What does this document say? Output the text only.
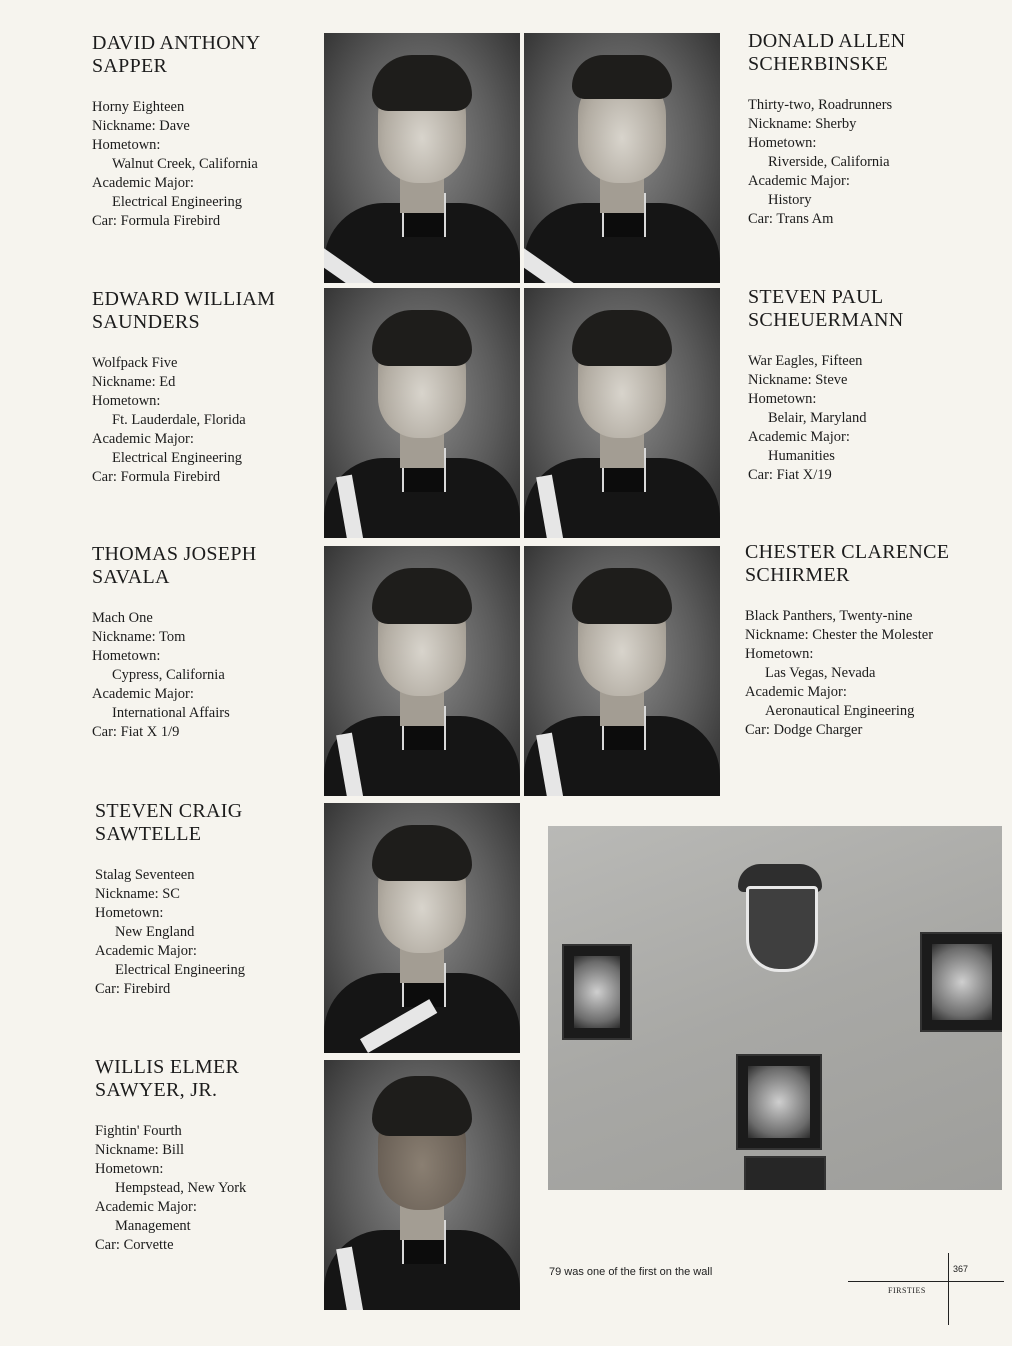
DAVID ANTHONY
SAPPER
Horny Eighteen
Nickname: Dave
Hometown:
Walnut Creek, California
Academic Major:
Electrical Engineering
Car: Formula Firebird
DONALD ALLEN
SCHERBINSKE
Thirty-two, Roadrunners
Nickname: Sherby
Hometown:
Riverside, California
Academic Major:
History
Car: Trans Am
EDWARD WILLIAM
SAUNDERS
Wolfpack Five
Nickname: Ed
Hometown:
Ft. Lauderdale, Florida
Academic Major:
Electrical Engineering
Car: Formula Firebird
STEVEN PAUL
SCHEUERMANN
War Eagles, Fifteen
Nickname: Steve
Hometown:
Belair, Maryland
Academic Major:
Humanities
Car: Fiat X/19
THOMAS JOSEPH
SAVALA
Mach One
Nickname: Tom
Hometown:
Cypress, California
Academic Major:
International Affairs
Car: Fiat X 1/9
CHESTER CLARENCE
SCHIRMER
Black Panthers, Twenty-nine
Nickname: Chester the Molester
Hometown:
Las Vegas, Nevada
Academic Major:
Aeronautical Engineering
Car: Dodge Charger
STEVEN CRAIG
SAWTELLE
Stalag Seventeen
Nickname: SC
Hometown:
New England
Academic Major:
Electrical Engineering
Car: Firebird
WILLIS ELMER
SAWYER, JR.
Fightin' Fourth
Nickname: Bill
Hometown:
Hempstead, New York
Academic Major:
Management
Car: Corvette
79 was one of the first on the wall	367
FIRSTIES
